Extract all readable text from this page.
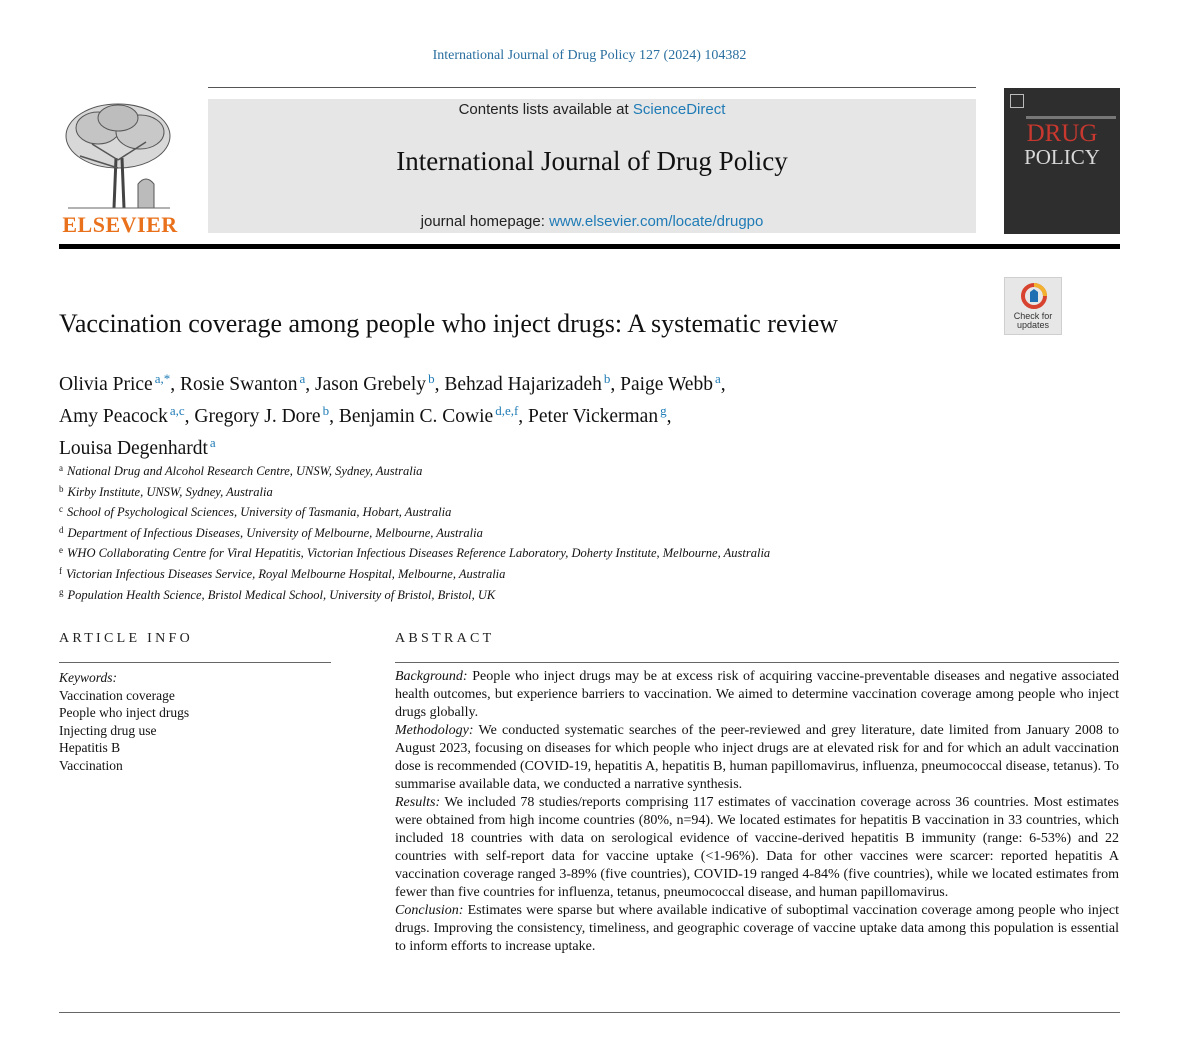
International Journal of Drug Policy 127 (2024) 104382
ELSEVIER
Contents lists available at ScienceDirect
International Journal of Drug Policy
journal homepage: www.elsevier.com/locate/drugpo
DRUG
POLICY
Check for
updates
Vaccination coverage among people who inject drugs: A systematic review
Olivia Price $^{a,*}$, Rosie Swanton $^a$, Jason Grebely $^b$, Behzad Hajarizadeh $^b$, Paige Webb $^a$,
Amy Peacock $^{a,c}$, Gregory J. Dore $^b$, Benjamin C. Cowie $^{d,e,f}$, Peter Vickerman $^g$,
Louisa Degenhardt $^a$
$^a$ National Drug and Alcohol Research Centre, UNSW, Sydney, Australia
$^b$ Kirby Institute, UNSW, Sydney, Australia
$^c$ School of Psychological Sciences, University of Tasmania, Hobart, Australia
$^d$ Department of Infectious Diseases, University of Melbourne, Melbourne, Australia
$^e$ WHO Collaborating Centre for Viral Hepatitis, Victorian Infectious Diseases Reference Laboratory, Doherty Institute, Melbourne, Australia
$^f$ Victorian Infectious Diseases Service, Royal Melbourne Hospital, Melbourne, Australia
$^g$ Population Health Science, Bristol Medical School, University of Bristol, Bristol, UK
ARTICLE INFO	ABSTRACT
Keywords:
Vaccination coverage
People who inject drugs
Injecting drug use
Hepatitis B
Vaccination

Background: People who inject drugs may be at excess risk of acquiring vaccine-preventable diseases and negative associated health outcomes, but experience barriers to vaccination. We aimed to determine vaccination coverage among people who inject drugs globally.

Methodology: We conducted systematic searches of the peer-reviewed and grey literature, date limited from January 2008 to August 2023, focusing on diseases for which people who inject drugs are at elevated risk for and for which an adult vaccination dose is recommended (COVID-19, hepatitis A, hepatitis B, human papillomavirus, influenza, pneumococcal disease, tetanus). To summarise available data, we conducted a narrative synthesis.

Results: We included 78 studies/reports comprising 117 estimates of vaccination coverage across 36 countries. Most estimates were obtained from high income countries (80%, n=94). We located estimates for hepatitis B vaccination in 33 countries, which included 18 countries with data on serological evidence of vaccine-derived hepatitis B immunity (range: 6-53%) and 22 countries with self-report data for vaccine uptake (<1-96%). Data for other vaccines were scarcer: reported hepatitis A vaccination coverage ranged 3-89% (five countries), COVID-19 ranged 4-84% (five countries), while we located estimates from fewer than five countries for influenza, tetanus, pneumococcal disease, and human papillomavirus.

Conclusion: Estimates were sparse but where available indicative of suboptimal vaccination coverage among people who inject drugs. Improving the consistency, timeliness, and geographic coverage of vaccine uptake data among this population is essential to inform efforts to increase uptake.
